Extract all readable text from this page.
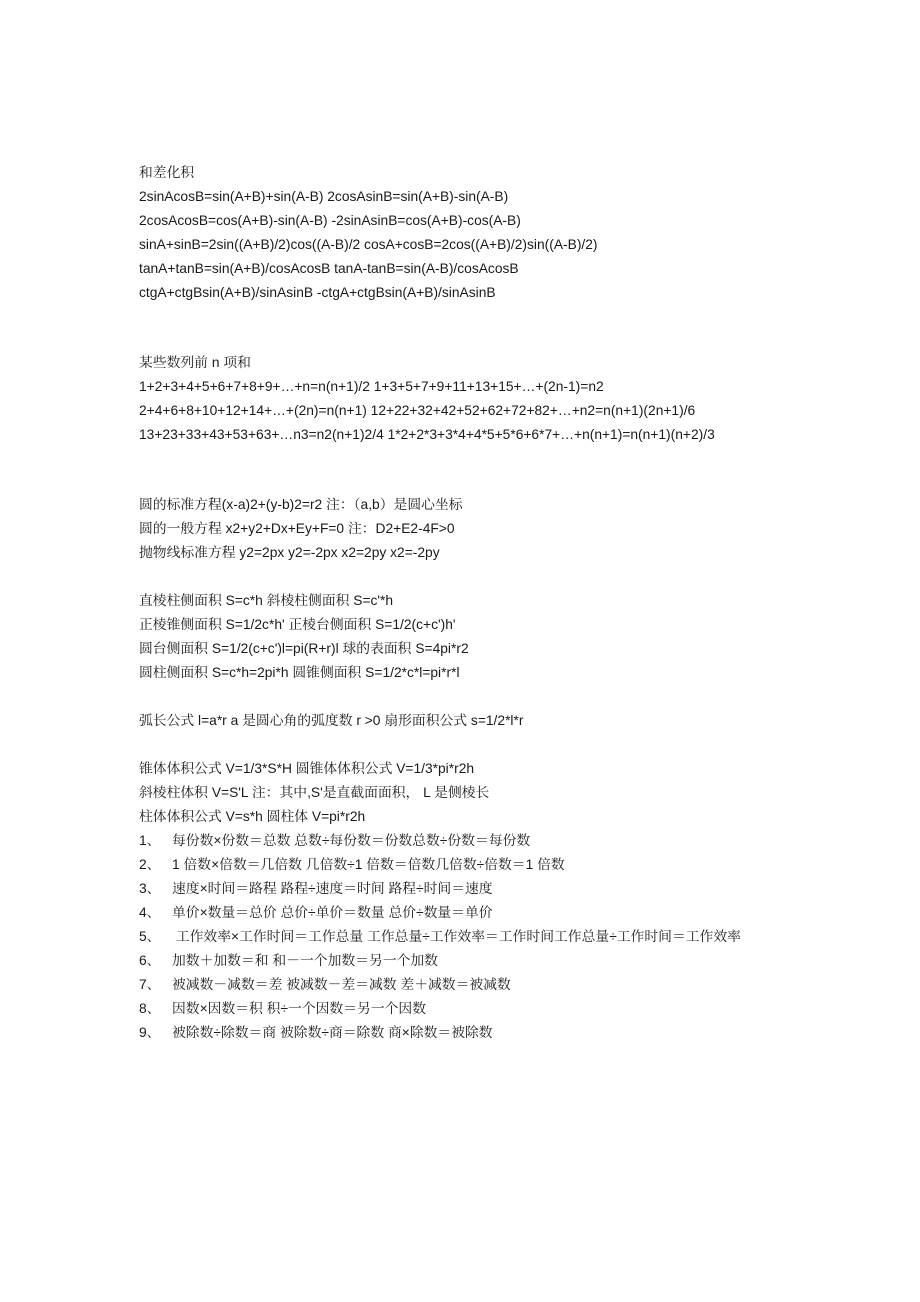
和差化积
2sinAcosB=sin(A+B)+sin(A-B) 2cosAsinB=sin(A+B)-sin(A-B)
2cosAcosB=cos(A+B)-sin(A-B) -2sinAsinB=cos(A+B)-cos(A-B)
sinA+sinB=2sin((A+B)/2)cos((A-B)/2 cosA+cosB=2cos((A+B)/2)sin((A-B)/2)
tanA+tanB=sin(A+B)/cosAcosB tanA-tanB=sin(A-B)/cosAcosB
ctgA+ctgBsin(A+B)/sinAsinB -ctgA+ctgBsin(A+B)/sinAsinB
某些数列前 n 项和
1+2+3+4+5+6+7+8+9+…+n=n(n+1)/2 1+3+5+7+9+11+13+15+…+(2n-1)=n2
2+4+6+8+10+12+14+…+(2n)=n(n+1) 12+22+32+42+52+62+72+82+…+n2=n(n+1)(2n+1)/6
13+23+33+43+53+63+…n3=n2(n+1)2/4 1*2+2*3+3*4+4*5+5*6+6*7+…+n(n+1)=n(n+1)(n+2)/3
圆的标准方程(x-a)2+(y-b)2=r2 注：（a,b）是圆心坐标
圆的一般方程 x2+y2+Dx+Ey+F=0 注：D2+E2-4F>0
抛物线标准方程 y2=2px y2=-2px x2=2py x2=-2py
直棱柱侧面积 S=c*h 斜棱柱侧面积 S=c'*h
正棱锥侧面积 S=1/2c*h' 正棱台侧面积 S=1/2(c+c')h'
圆台侧面积 S=1/2(c+c')l=pi(R+r)l 球的表面积 S=4pi*r2
圆柱侧面积 S=c*h=2pi*h 圆锥侧面积 S=1/2*c*l=pi*r*l
弧长公式 l=a*r a 是圆心角的弧度数 r >0 扇形面积公式 s=1/2*l*r
锥体体积公式 V=1/3*S*H 圆锥体体积公式 V=1/3*pi*r2h
斜棱柱体积 V=S'L 注：其中,S'是直截面面积， L 是侧棱长
柱体体积公式 V=s*h 圆柱体 V=pi*r2h
1、 每份数×份数＝总数 总数÷每份数＝份数总数÷份数＝每份数
2、 1 倍数×倍数＝几倍数 几倍数÷1 倍数＝倍数几倍数÷倍数＝1 倍数
3、 速度×时间＝路程 路程÷速度＝时间 路程÷时间＝速度
4、 单价×数量＝总价 总价÷单价＝数量 总价÷数量＝单价
5、 工作效率×工作时间＝工作总量 工作总量÷工作效率＝工作时间工作总量÷工作时间＝工作效率
6、 加数＋加数＝和 和－一个加数＝另一个加数
7、 被减数－减数＝差 被减数－差＝减数 差＋减数＝被减数
8、 因数×因数＝积 积÷一个因数＝另一个因数
9、 被除数÷除数＝商 被除数÷商＝除数 商×除数＝被除数
